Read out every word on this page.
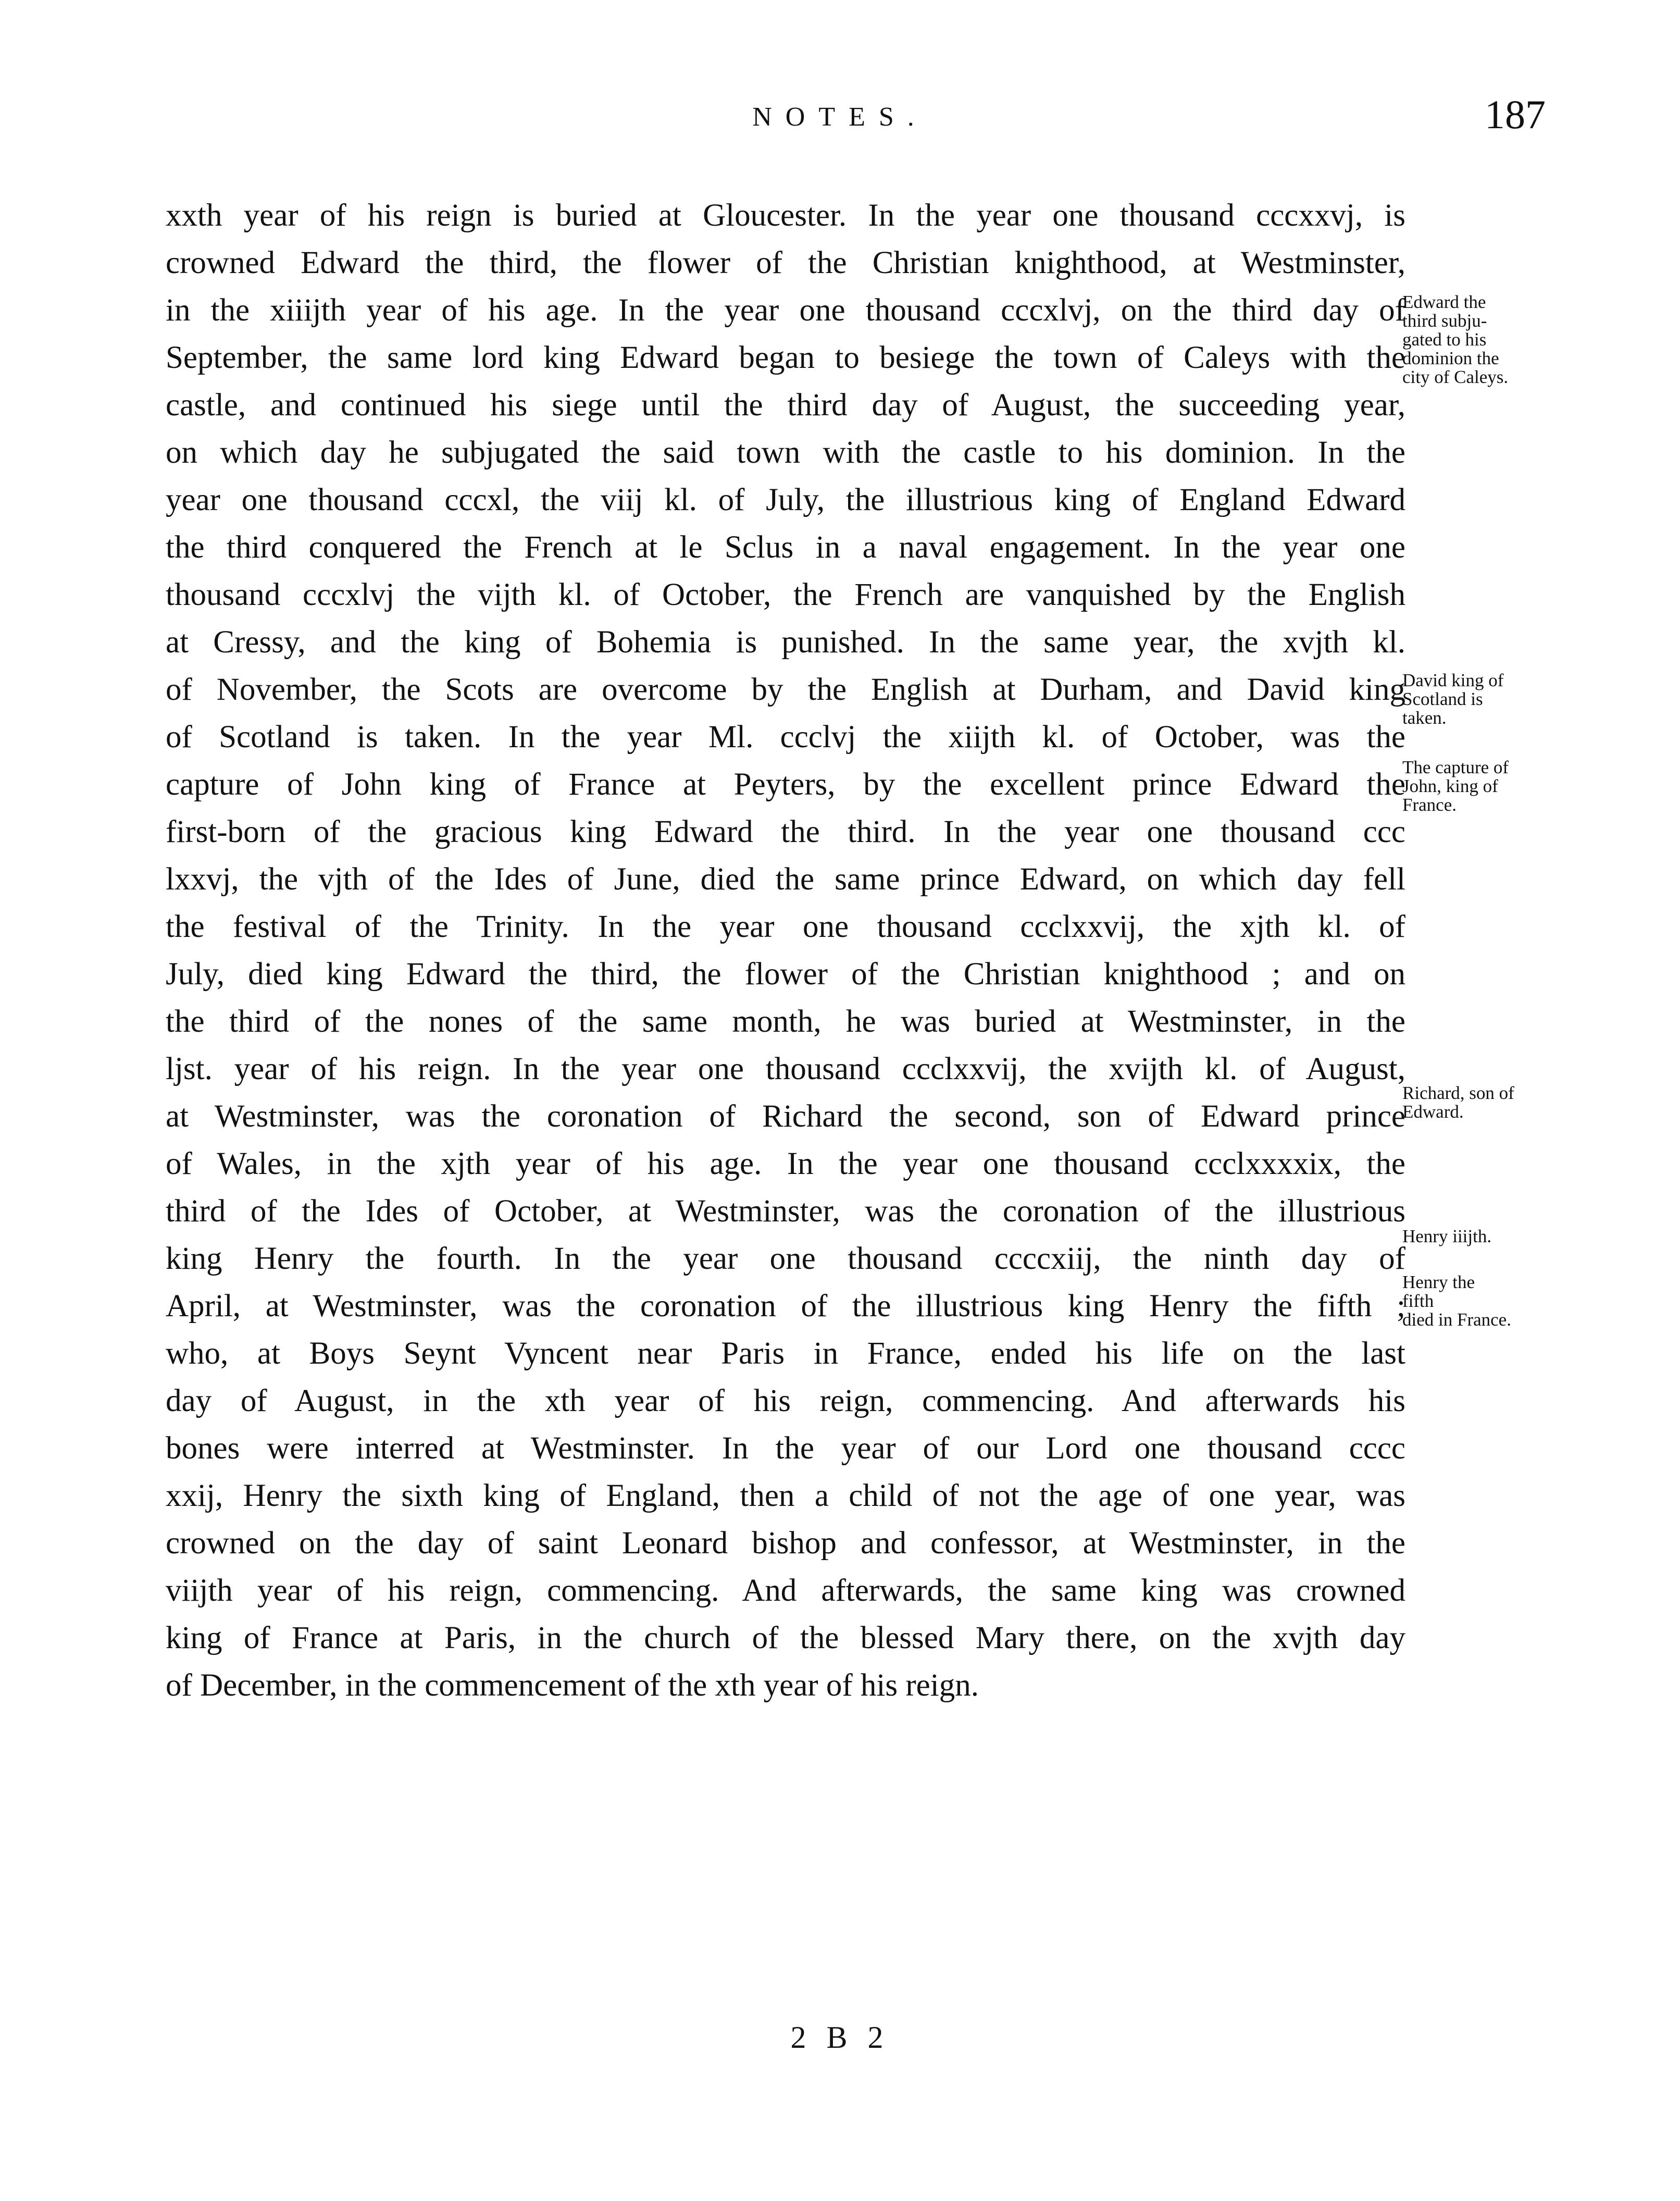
NOTES.	187
xxth year of his reign is buried at Gloucester. In the year one thousand cccxxvj, is
crowned Edward the third, the flower of the Christian knighthood, at Westminster,
in the xiiijth year of his age. In the year one thousand cccxlvj, on the third day of
September, the same lord king Edward began to besiege the town of Caleys with the
castle, and continued his siege until the third day of August, the succeeding year,
on which day he subjugated the said town with the castle to his dominion. In the
year one thousand cccxl, the viij kl. of July, the illustrious king of England Edward
the third conquered the French at le Sclus in a naval engagement. In the year one
thousand cccxlvj the vijth kl. of October, the French are vanquished by the English
at Cressy, and the king of Bohemia is punished. In the same year, the xvjth kl.
of November, the Scots are overcome by the English at Durham, and David king
of Scotland is taken. In the year Ml. ccclvj the xiijth kl. of October, was the
capture of John king of France at Peyters, by the excellent prince Edward the
first-born of the gracious king Edward the third. In the year one thousand ccc
lxxvj, the vjth of the Ides of June, died the same prince Edward, on which day fell
the festival of the Trinity. In the year one thousand ccclxxvij, the xjth kl. of
July, died king Edward the third, the flower of the Christian knighthood ; and on
the third of the nones of the same month, he was buried at Westminster, in the
ljst. year of his reign. In the year one thousand ccclxxvij, the xvijth kl. of August,
at Westminster, was the coronation of Richard the second, son of Edward prince
of Wales, in the xjth year of his age. In the year one thousand ccclxxxxix, the
third of the Ides of October, at Westminster, was the coronation of the illustrious
king Henry the fourth. In the year one thousand ccccxiij, the ninth day of
April, at Westminster, was the coronation of the illustrious king Henry the fifth ;
who, at Boys Seynt Vyncent near Paris in France, ended his life on the last
day of August, in the xth year of his reign, commencing. And afterwards his
bones were interred at Westminster. In the year of our Lord one thousand cccc
xxij, Henry the sixth king of England, then a child of not the age of one year, was
crowned on the day of saint Leonard bishop and confessor, at Westminster, in the
viijth year of his reign, commencing. And afterwards, the same king was crowned
king of France at Paris, in the church of the blessed Mary there, on the xvjth day
of December, in the commencement of the xth year of his reign.
Edward the
third subju-
gated to his
dominion the
city of Caleys.
David king of
Scotland is
taken.
The capture of
John, king of
France.
Richard, son of
Edward.
Henry iiijth.
Henry the
fifth
died in France.
2 B 2
